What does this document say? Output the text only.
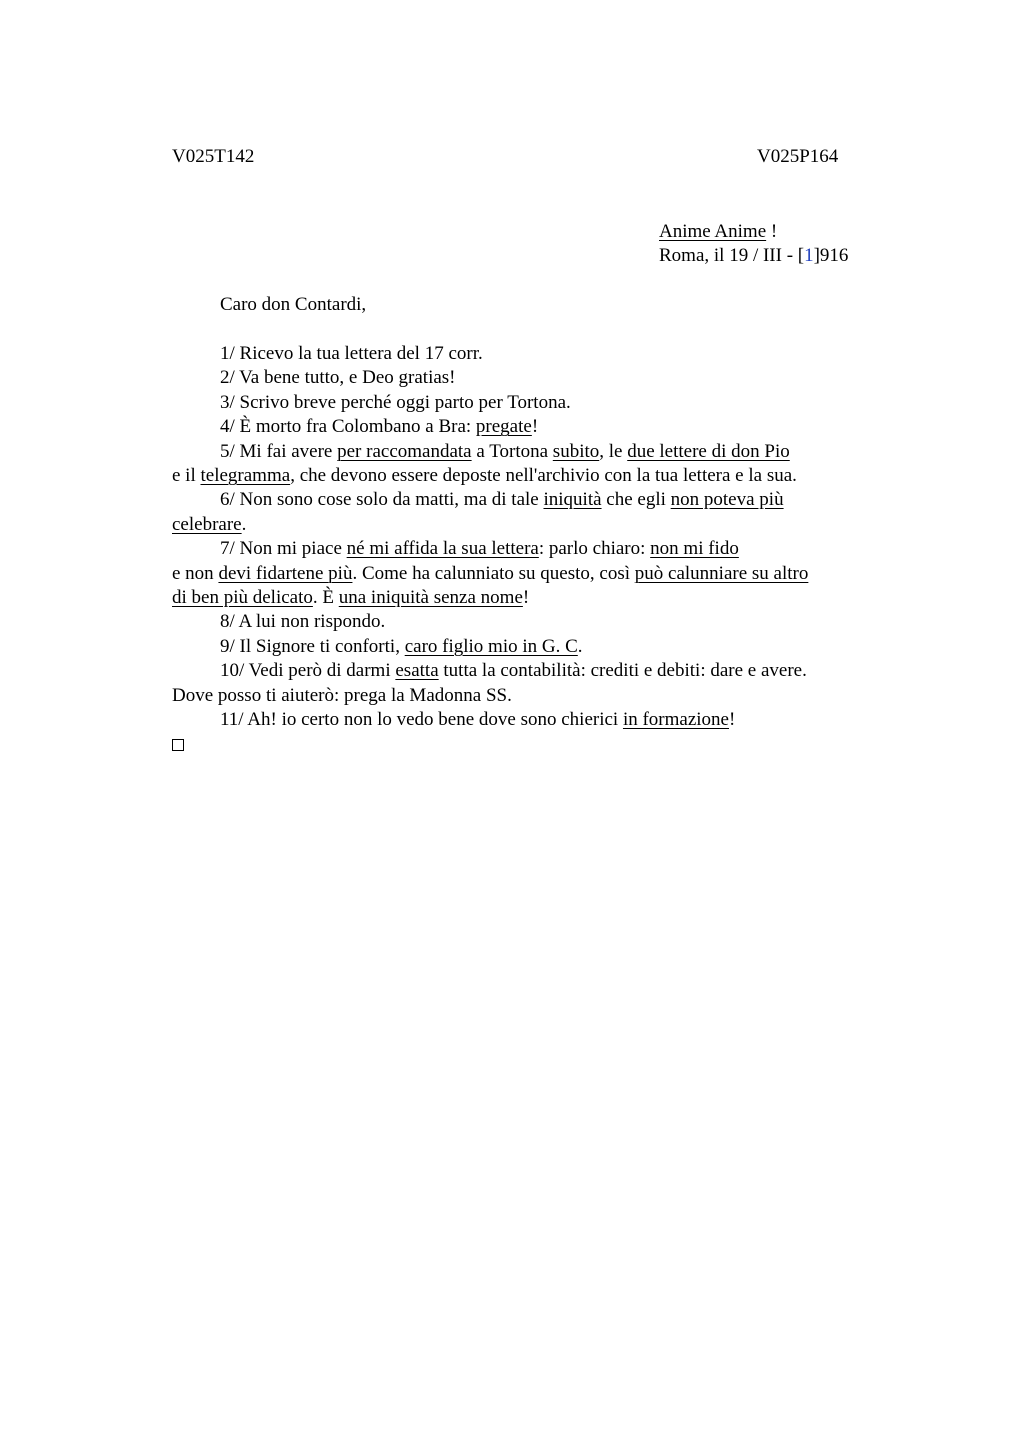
V025T142	V025P164
Anime Anime !
Roma, il 19 / III - [1]916
Caro don Contardi,
1/ Ricevo la tua lettera del 17 corr.
2/ Va bene tutto, e Deo gratias!
3/ Scrivo breve perché oggi parto per Tortona.
4/ È morto fra Colombano a Bra: pregate!
5/ Mi fai avere per raccomandata a Tortona subito, le due lettere di don Pio
e il telegramma, che devono essere deposte nell'archivio con la tua lettera e la sua.
6/ Non sono cose solo da matti, ma di tale iniquità che egli non poteva più
celebrare.
7/ Non mi piace né mi affida la sua lettera: parlo chiaro: non mi fido
e non devi fidartene più. Come ha calunniato su questo, così può calunniare su altro
di ben più delicato. È una iniquità senza nome!
8/ A lui non rispondo.
9/ Il Signore ti conforti, caro figlio mio in G. C.
10/ Vedi però di darmi esatta tutta la contabilità: crediti e debiti: dare e avere.
Dove posso ti aiuterò: prega la Madonna SS.
11/ Ah! io certo non lo vedo bene dove sono chierici in formazione!
